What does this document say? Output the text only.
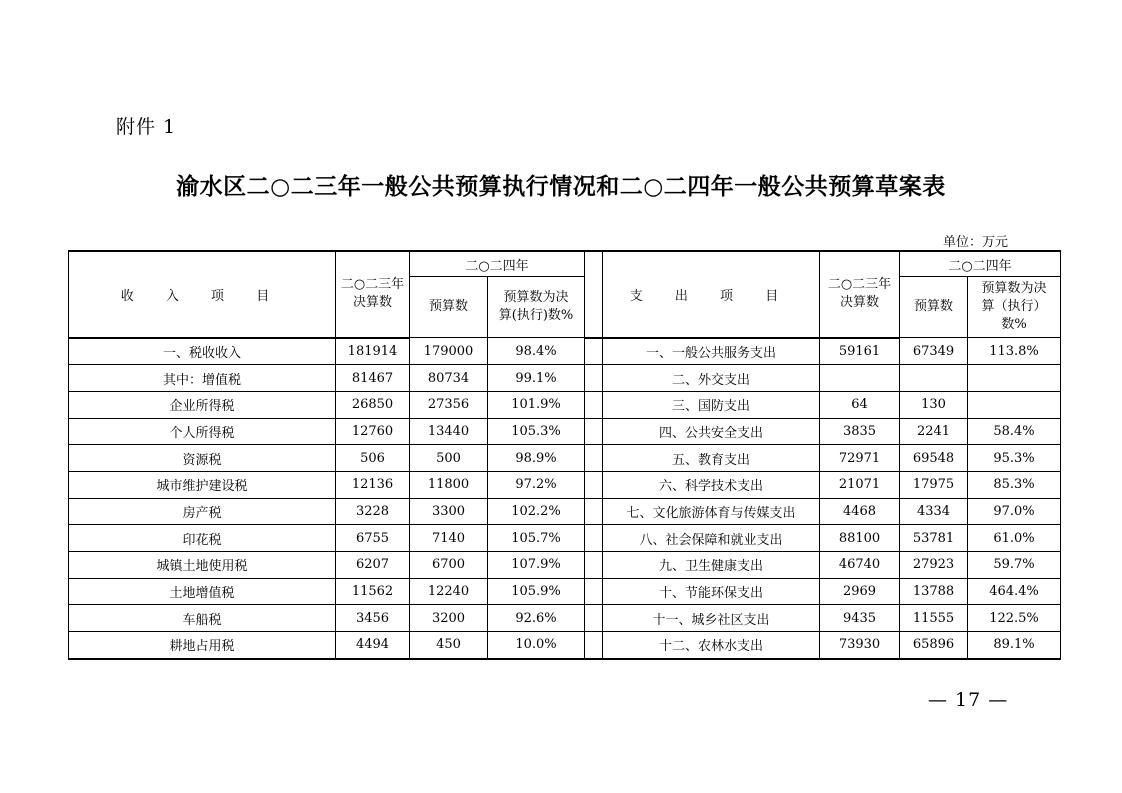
附件 1
渝水区二○二三年一般公共预算执行情况和二○二四年一般公共预算草案表
单位：万元
收 入 项 目	二○二三年决算数	二○二四年			支 出 项 目	二○二三年决算数	二○二四年	
		预算数	预算数为决算(执行)数%				预算数	预算数为决算（执行）数%
一、税收收入	181914	179000	98.4%		一、一般公共服务支出	59161	67349	113.8%
其中：增值税	81467	80734	99.1%		二、外交支出			
企业所得税	26850	27356	101.9%		三、国防支出	64	130	
个人所得税	12760	13440	105.3%		四、公共安全支出	3835	2241	58.4%
资源税	506	500	98.9%		五、教育支出	72971	69548	95.3%
城市维护建设税	12136	11800	97.2%		六、科学技术支出	21071	17975	85.3%
房产税	3228	3300	102.2%		七、文化旅游体育与传媒支出	4468	4334	97.0%
印花税	6755	7140	105.7%		八、社会保障和就业支出	88100	53781	61.0%
城镇土地使用税	6207	6700	107.9%		九、卫生健康支出	46740	27923	59.7%
土地增值税	11562	12240	105.9%		十、节能环保支出	2969	13788	464.4%
车船税	3456	3200	92.6%		十一、城乡社区支出	9435	11555	122.5%
耕地占用税	4494	450	10.0%		十二、农林水支出	73930	65896	89.1%
— 17 —
